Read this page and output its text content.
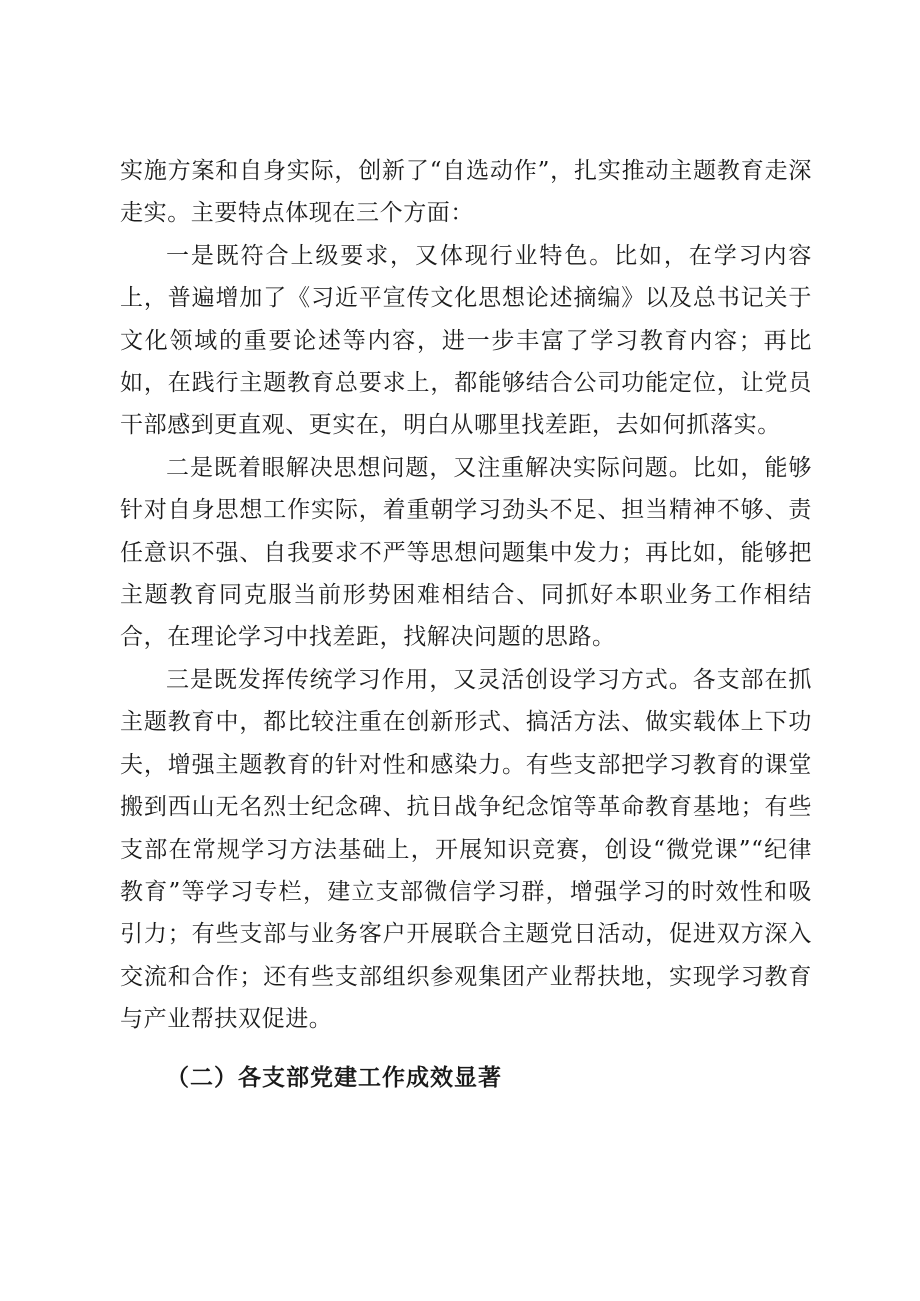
实施方案和自身实际，创新了“自选动作”，扎实推动主题教育走深走实。主要特点体现在三个方面：

一是既符合上级要求，又体现行业特色。比如，在学习内容上，普遍增加了《习近平宣传文化思想论述摘编》以及总书记关于文化领域的重要论述等内容，进一步丰富了学习教育内容；再比如，在践行主题教育总要求上，都能够结合公司功能定位，让党员干部感到更直观、更实在，明白从哪里找差距，去如何抓落实。

二是既着眼解决思想问题，又注重解决实际问题。比如，能够针对自身思想工作实际，着重朝学习劲头不足、担当精神不够、责任意识不强、自我要求不严等思想问题集中发力；再比如，能够把主题教育同克服当前形势困难相结合、同抓好本职业务工作相结合，在理论学习中找差距，找解决问题的思路。

三是既发挥传统学习作用，又灵活创设学习方式。各支部在抓主题教育中，都比较注重在创新形式、搞活方法、做实载体上下功夫，增强主题教育的针对性和感染力。有些支部把学习教育的课堂搬到西山无名烈士纪念碑、抗日战争纪念馆等革命教育基地；有些支部在常规学习方法基础上，开展知识竞赛，创设“微党课”“纪律教育”等学习专栏，建立支部微信学习群，增强学习的时效性和吸引力；有些支部与业务客户开展联合主题党日活动，促进双方深入交流和合作；还有些支部组织参观集团产业帮扶地，实现学习教育与产业帮扶双促进。

（二）各支部党建工作成效显著
